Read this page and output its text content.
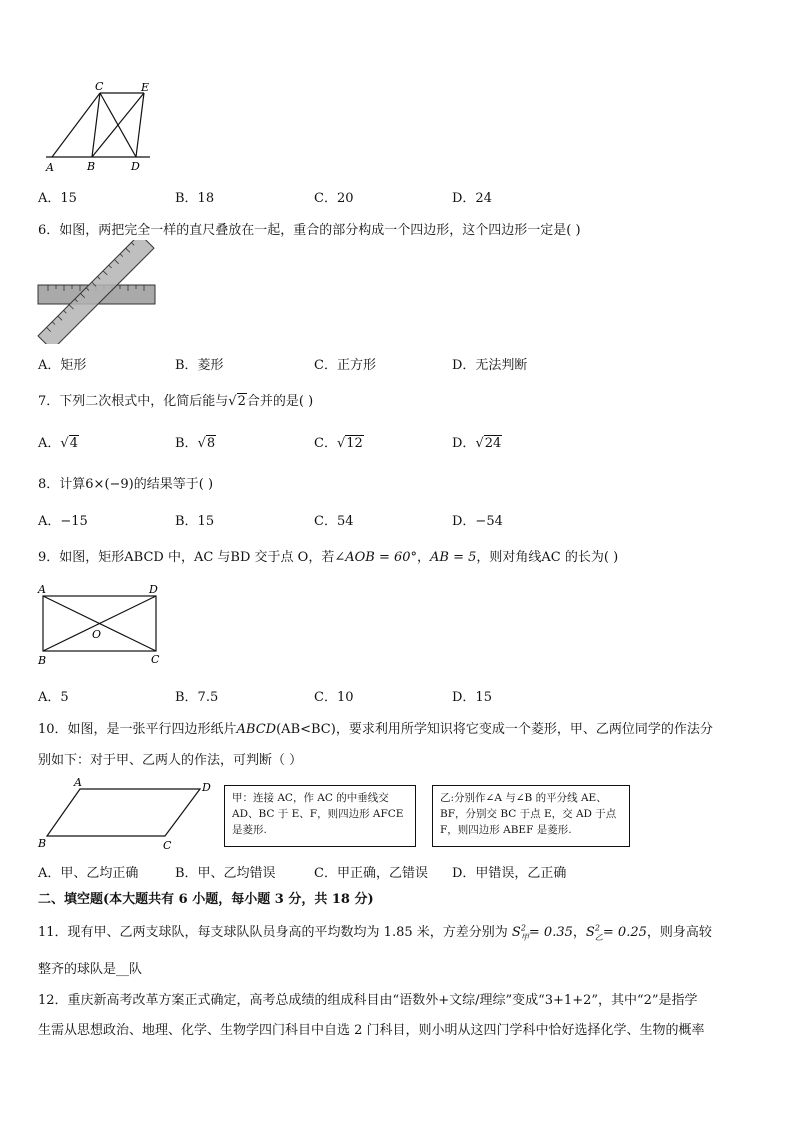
C	E
A	B	D
A．15	B．18	C．20	D．24
6．如图，两把完全一样的直尺叠放在一起，重合的部分构成一个四边形，这个四边形一定是( )
A．矩形	B．菱形	C．正方形	D．无法判断
7．下列二次根式中，化简后能与√2合并的是( )
A．√4	B．√8	C．√12	D．√24
8．计算6×(−9)的结果等于( )
A．−15	B．15	C．54	D．−54
9．如图，矩形ABCD 中，AC 与BD 交于点 O，若∠AOB = 60°，AB = 5，则对角线AC 的长为( )
A	D
O
B	C
A．5	B．7.5	C．10	D．15
10．如图，是一张平行四边形纸片ABCD(AB<BC)，要求利用所学知识将它变成一个菱形，甲、乙两位同学的作法分
别如下：对于甲、乙两人的作法，可判断（ ）
A	D
B	C
甲：连接 AC，作 AC 的中垂线交 AD、BC 于 E、F，则四边形 AFCE 是菱形.
乙:分别作∠A 与∠B 的平分线 AE、BF，分别交 BC 于点 E，交 AD 于点 F，则四边形 ABEF 是菱形.
A．甲、乙均正确	B．甲、乙均错误	C．甲正确，乙错误 D．甲错误，乙正确
二、填空题(本大题共有 6 小题，每小题 3 分，共 18 分)
11．现有甲、乙两支球队，每支球队队员身高的平均数均为 1.85 米，方差分别为 $S^2_甲= 0.35$，$S^2_乙= 0.25$，则身高较
整齐的球队是__队
12．重庆新高考改革方案正式确定，高考总成绩的组成科目由“语数外+文综/理综”变成“3+1+2”，其中“2”是指学
生需从思想政治、地理、化学、生物学四门科目中自选 2 门科目，则小明从这四门学科中恰好选择化学、生物的概率
